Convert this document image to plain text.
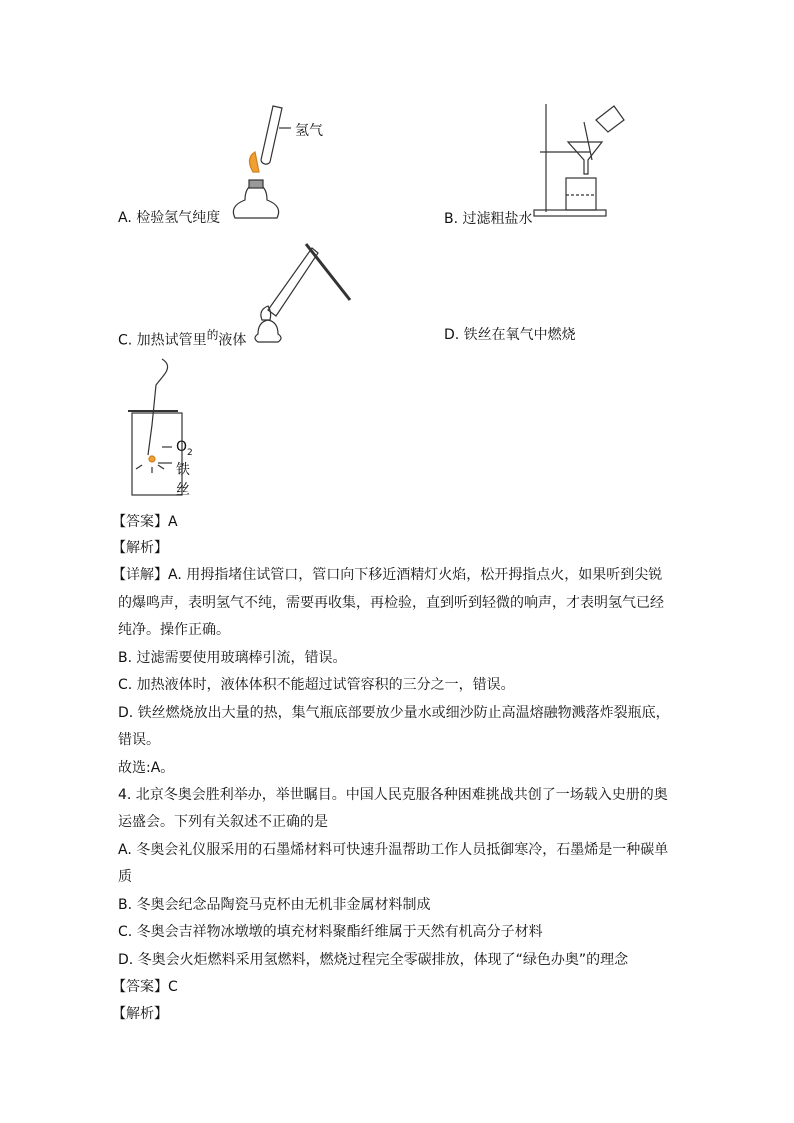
氢气
A. 检验氢气纯度	B. 过滤粗盐水
C. 加热试管里$^的$液体	D. 铁丝在氧气中燃烧
$O_2$
铁丝
【答案】A
【解析】
【详解】A. 用拇指堵住试管口，管口向下移近酒精灯火焰，松开拇指点火，如果听到尖锐
的爆鸣声，表明氢气不纯，需要再收集，再检验，直到听到轻微的响声，才表明氢气已经
纯净。操作正确。
B. 过滤需要使用玻璃棒引流，错误。
C. 加热液体时，液体体积不能超过试管容积的三分之一，错误。
D. 铁丝燃烧放出大量的热，集气瓶底部要放少量水或细沙防止高温熔融物溅落炸裂瓶底，
错误。
故选:A。
4. 北京冬奥会胜利举办，举世瞩目。中国人民克服各种困难挑战共创了一场载入史册的奥
运盛会。下列有关叙述不正确的是
A. 冬奥会礼仪服采用的石墨烯材料可快速升温帮助工作人员抵御寒冷，石墨烯是一种碳单
质
B. 冬奥会纪念品陶瓷马克杯由无机非金属材料制成
C. 冬奥会吉祥物冰墩墩的填充材料聚酯纤维属于天然有机高分子材料
D. 冬奥会火炬燃料采用氢燃料，燃烧过程完全零碳排放，体现了“绿色办奥”的理念
【答案】C
【解析】
